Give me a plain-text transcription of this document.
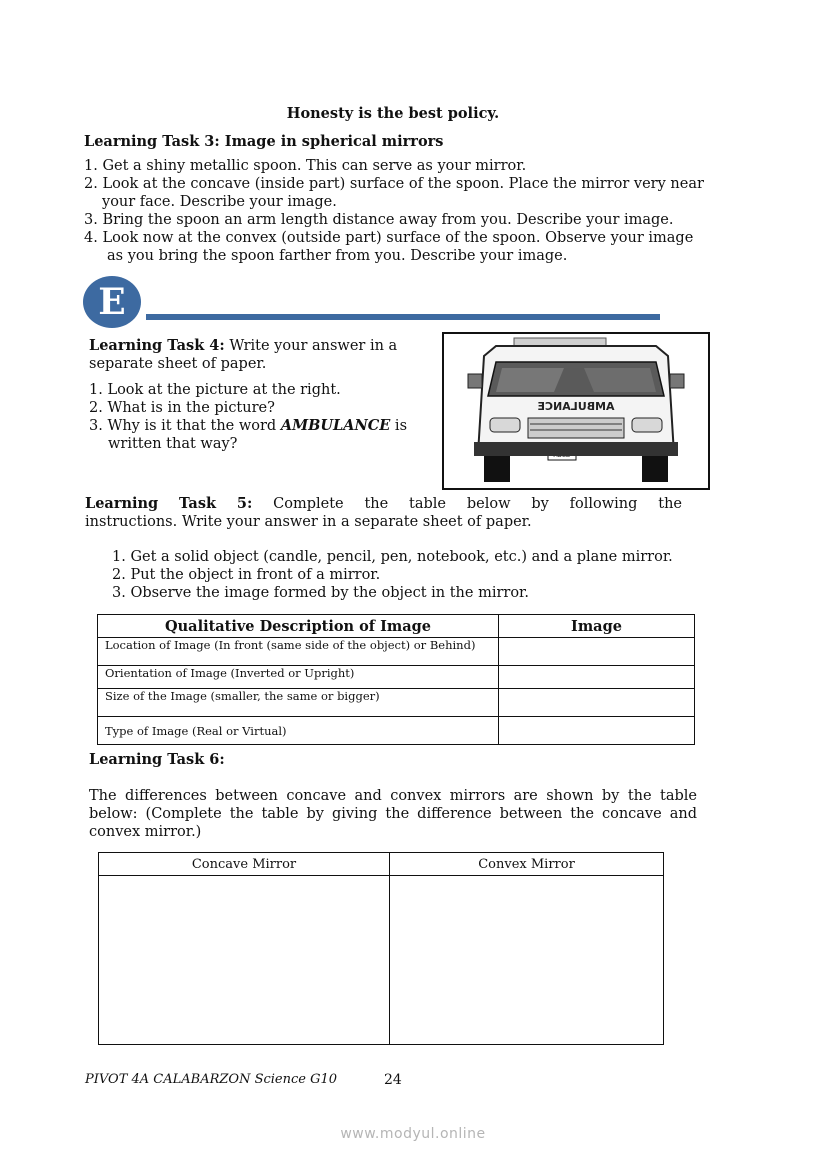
Honesty is the best policy.
Learning Task 3: Image in spherical mirrors
1. Get a shiny metallic spoon. This can serve as your mirror.
2. Look at the concave (inside part) surface of the spoon. Place the mirror very near
your face. Describe your image.
3. Bring the spoon an arm length distance away from you. Describe your image.
4. Look now at the convex (outside part) surface of the spoon. Observe your image
as you bring the spoon farther from you. Describe your image.
E
Learning Task 4: Write your answer in a separate sheet of paper.
1. Look at the picture at the right.
2. What is in the picture?
3. Why is it that the word AMBULANCE is
written that way?
AMBULANCE
Learning Task 5: Complete the table below by following the
instructions. Write your answer in a separate sheet of paper.
1. Get a solid object (candle, pencil, pen, notebook, etc.) and a plane mirror.
2. Put the object in front of a mirror.
3. Observe the image formed by the object in the mirror.
Qualitative Description of Image	Image
Location of Image (In front (same side of the object) or Behind)	
Orientation of Image (Inverted or Upright)	
Size of the Image (smaller, the same or bigger)	
Type of Image (Real or Virtual)	
Learning Task 6:
The differences between concave and convex mirrors are shown by the table below: (Complete the table by giving the difference between the concave and convex mirror.)
Concave Mirror	Convex Mirror

PIVOT 4A CALABARZON Science G10	24
www.modyul.online
